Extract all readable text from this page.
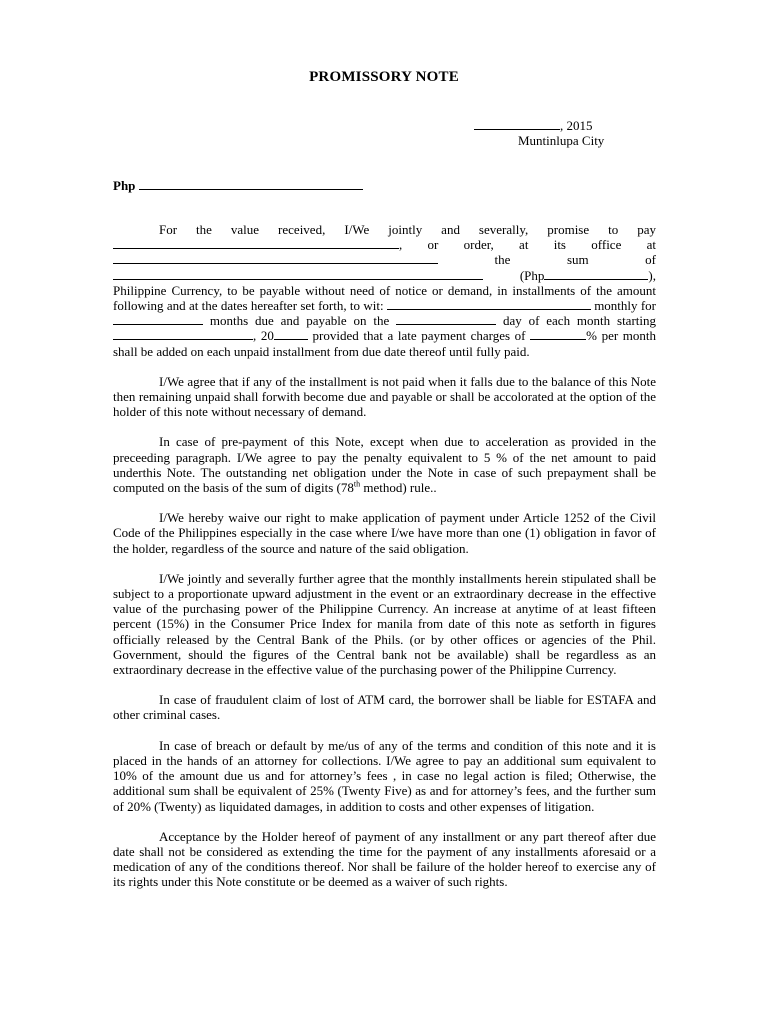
PROMISSORY NOTE
, 2015
Muntinlupa City
Php

For the value received, I/We jointly and severally, promise to pay , or order, at its office at  the sum of  (Php	), Philippine Currency, to be payable without need of notice or demand, in installments of the amount following and at the dates hereafter set forth, to wit:	monthly for  months due and payable on the	day of each month starting , 20	provided that a late payment charges of	% per month shall be added on each unpaid installment from due date thereof until fully paid.

I/We agree that if any of the installment is not paid when it falls due to the balance of this Note then remaining unpaid shall forwith become due and payable or shall be accolorated at the option of the holder of this note without necessary of demand.

In case of pre-payment of this Note, except when due to acceleration as provided in the preceeding paragraph. I/We agree to pay the penalty equivalent to 5 % of the net amount to paid underthis Note. The outstanding net obligation under the Note in case of such prepayment shall be computed on the basis of the sum of digits (78th method) rule..

I/We hereby waive our right to make application of payment under Article 1252 of the Civil Code of the Philippines especially in the case where I/we have more than one (1) obligation in favor of the holder, regardless of the source and nature of the said obligation.

I/We jointly and severally further agree that the monthly installments herein stipulated shall be subject to a proportionate upward adjustment in the event or an extraordinary decrease in the effective value of the purchasing power of the Philippine Currency. An increase at anytime of at least fifteen percent (15%) in the Consumer Price Index for manila from date of this note as setforth in figures officially released by the Central Bank of the Phils. (or by other offices or agencies of the Phil. Government, should the figures of the Central bank not be available) shall be regardless as an extraordinary decrease in the effective value of the purchasing power of the Philippine Currency.

In case of fraudulent claim of lost of ATM card, the borrower shall be liable for ESTAFA and other criminal cases.

In case of breach or default by me/us of any of the terms and condition of this note and it is placed in the hands of an attorney for collections. I/We agree to pay an additional sum equivalent to 10% of the amount due us and for attorney’s fees , in case no legal action is filed; Otherwise, the additional sum shall be equivalent of 25% (Twenty Five) as and for attorney’s fees, and the further sum of 20% (Twenty) as liquidated damages, in addition to costs and other expenses of litigation.

Acceptance by the Holder hereof of payment of any installment or any part thereof after due date shall not be considered as extending the time for the payment of any installments aforesaid or a medication of any of the conditions thereof. Nor shall be failure of the holder hereof to exercise any of its rights under this Note constitute or be deemed as a waiver of such rights.
